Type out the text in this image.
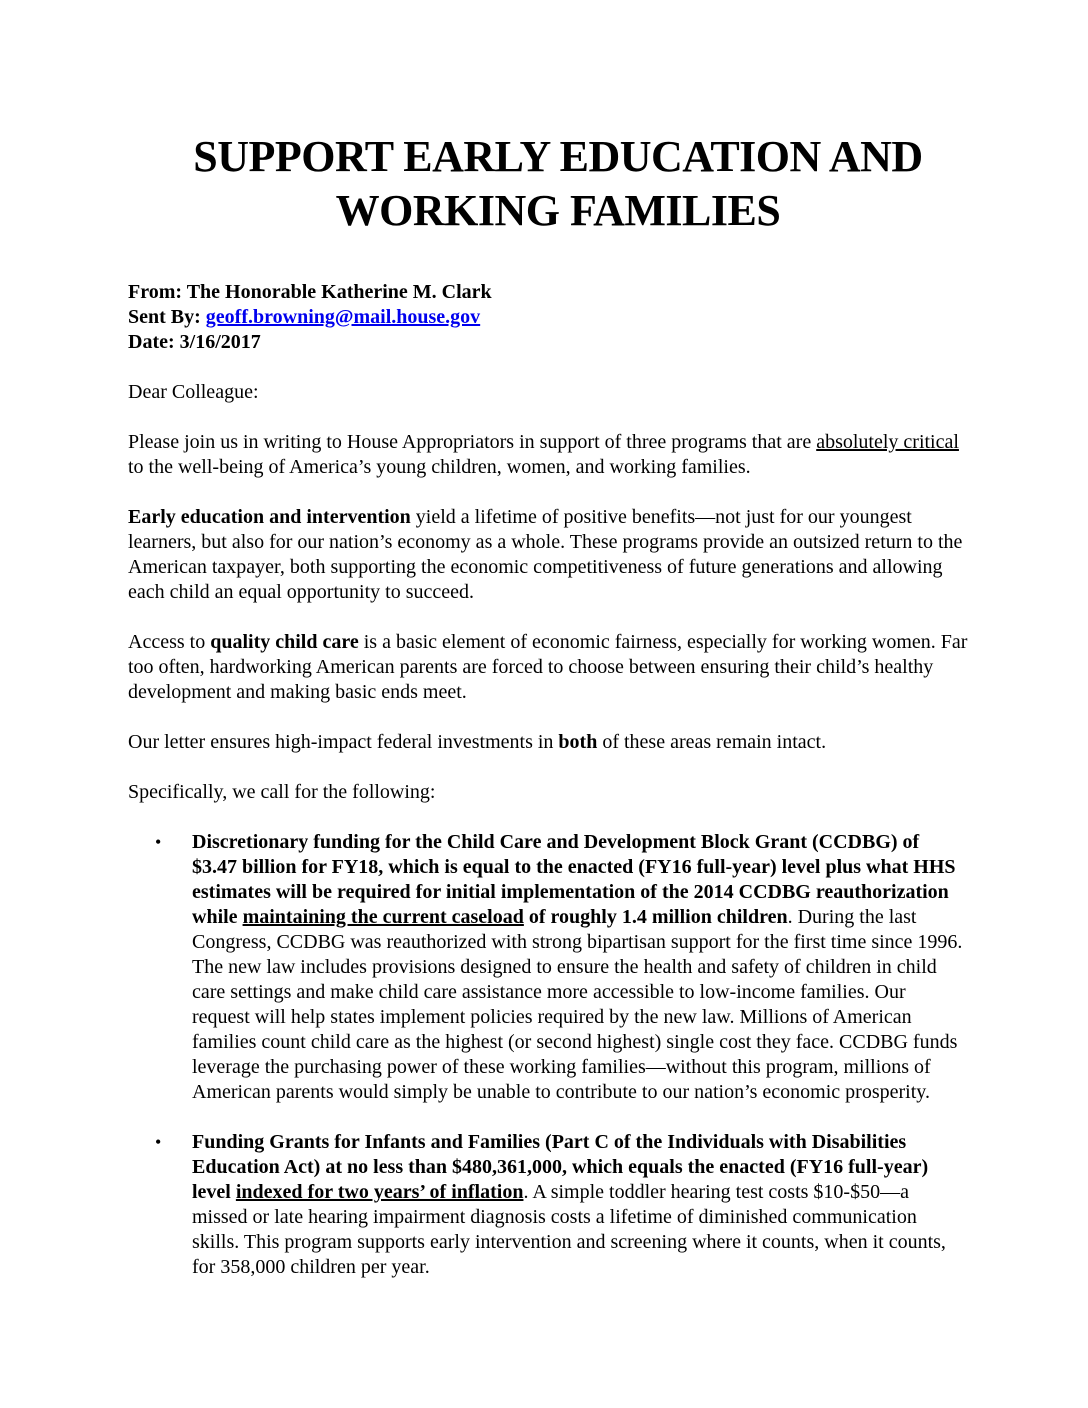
SUPPORT EARLY EDUCATION AND
WORKING FAMILIES
From: The Honorable Katherine M. Clark
Sent By: geoff.browning@mail.house.gov
Date: 3/16/2017

Dear Colleague:

Please join us in writing to House Appropriators in support of three programs that are absolutely critical to the well-being of America’s young children, women, and working families.

Early education and intervention yield a lifetime of positive benefits—not just for our youngest learners, but also for our nation’s economy as a whole. These programs provide an outsized return to the American taxpayer, both supporting the economic competitiveness of future generations and allowing each child an equal opportunity to succeed.

Access to quality child care is a basic element of economic fairness, especially for working women. Far too often, hardworking American parents are forced to choose between ensuring their child’s healthy development and making basic ends meet.

Our letter ensures high-impact federal investments in both of these areas remain intact.

Specifically, we call for the following:

• Discretionary funding for the Child Care and Development Block Grant (CCDBG) of $3.47 billion for FY18, which is equal to the enacted (FY16 full-year) level plus what HHS estimates will be required for initial implementation of the 2014 CCDBG reauthorization while maintaining the current caseload of roughly 1.4 million children. During the last Congress, CCDBG was reauthorized with strong bipartisan support for the first time since 1996. The new law includes provisions designed to ensure the health and safety of children in child care settings and make child care assistance more accessible to low-income families. Our request will help states implement policies required by the new law. Millions of American families count child care as the highest (or second highest) single cost they face. CCDBG funds leverage the purchasing power of these working families—without this program, millions of American parents would simply be unable to contribute to our nation’s economic prosperity.
• Funding Grants for Infants and Families (Part C of the Individuals with Disabilities Education Act) at no less than $480,361,000, which equals the enacted (FY16 full-year) level indexed for two years’ of inflation. A simple toddler hearing test costs $10-$50—a missed or late hearing impairment diagnosis costs a lifetime of diminished communication skills. This program supports early intervention and screening where it counts, when it counts, for 358,000 children per year.
